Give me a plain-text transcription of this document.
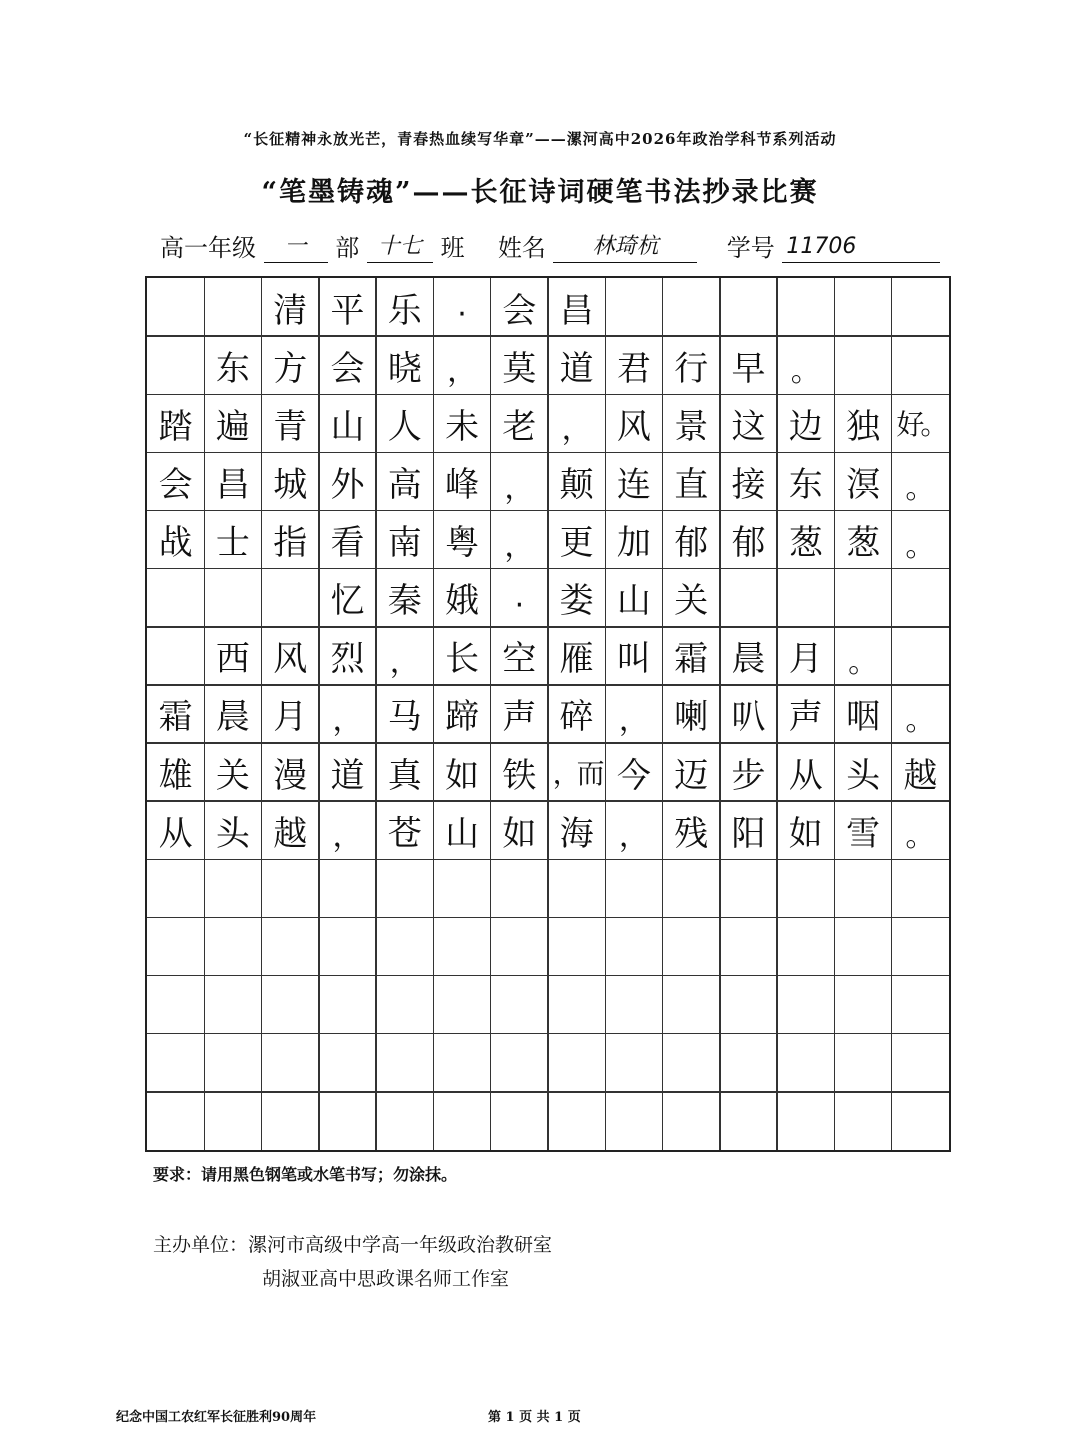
“长征精神永放光芒，青春热血续写华章”——漯河高中2026年政治学科节系列活动
“笔墨铸魂”——长征诗词硬笔书法抄录比赛
高一年级 一 部 十七 班 姓名 林琦杭	学号 11706
清 平 乐	·	会 昌
东 方 会 晓 ， 莫 道 君 行 早 。
踏 遍 青 山 人 未 老 ， 风 景 这 边 独 好。
会 昌 城 外 高 峰 ， 颠 连 直 接 东 溟 。
战 士 指 看 南 粤 ， 更 加 郁 郁 葱 葱 。
忆 秦 娥	·	娄 山 关
西 风 烈 ， 长 空 雁 叫 霜 晨 月 。
霜 晨 月 ， 马 蹄 声 碎 ， 喇 叭 声 咽 。
雄 关 漫 道 真 如 铁 ，而 今 迈 步 从 头 越
从 头 越 ， 苍 山 如 海 ， 残 阳 如 雪 。
要求：请用黑色钢笔或水笔书写；勿涂抹。
主办单位：漯河市高级中学高一年级政治教研室
胡淑亚高中思政课名师工作室
纪念中国工农红军长征胜利90周年	第 1 页 共 1 页
